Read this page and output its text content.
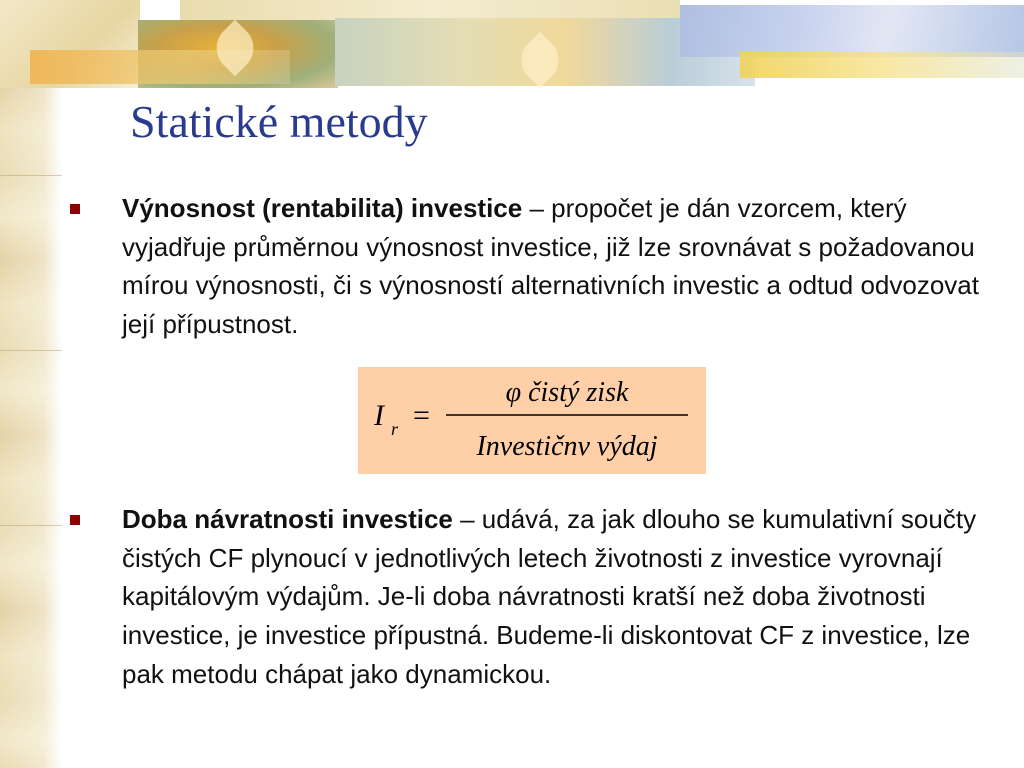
Statické metody

Výnosnost (rentabilita) investice – propočet je dán vzorcem, který vyjadřuje průměrnou výnosnost investice, již lze srovnávat s požadovanou mírou výnosnosti, či s výnosností alternativních investic a odtud odvozovat její přípustnost.

I r =
φ čistý zisk
Investičnv výdaj

Doba návratnosti investice – udává, za jak dlouho se kumulativní součty čistých CF plynoucí v jednotlivých letech životnosti z investice vyrovnají kapitálovým výdajům. Je-li doba návratnosti kratší než doba životnosti investice, je investice přípustná. Budeme-li diskontovat CF z investice, lze pak metodu chápat jako dynamickou.
